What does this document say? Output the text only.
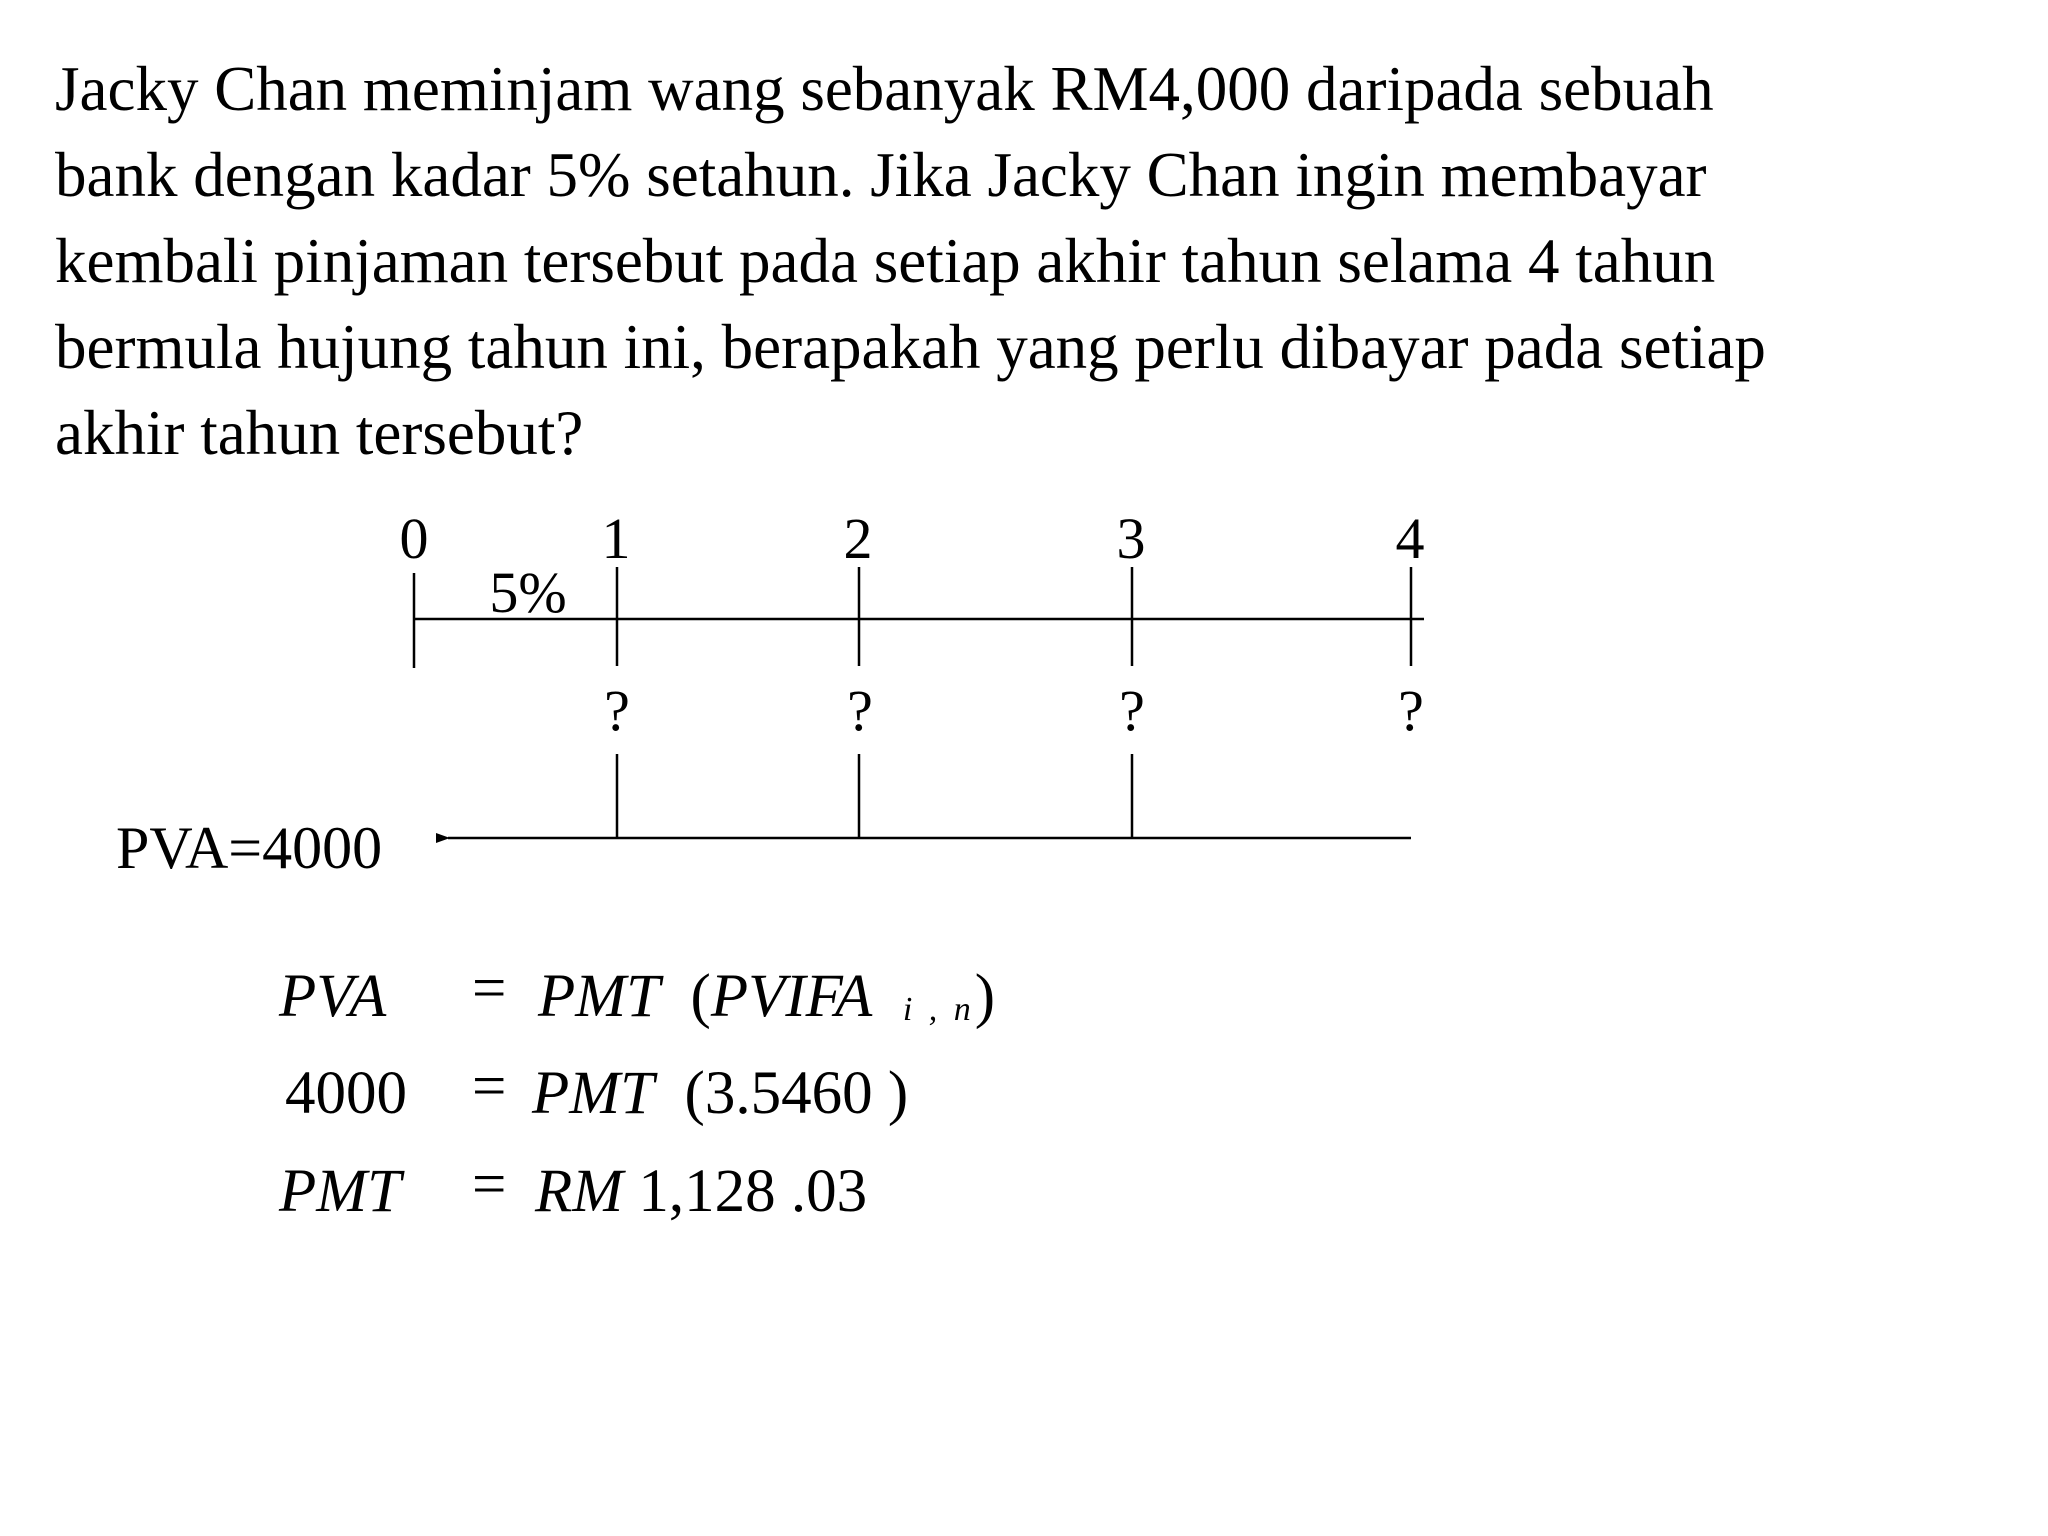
Jacky Chan meminjam wang sebanyak RM4,000 daripada sebuah
bank dengan kadar 5% setahun. Jika Jacky Chan ingin membayar
kembali pinjaman tersebut pada setiap akhir tahun selama 4 tahun
bermula hujung tahun ini, berapakah yang perlu dibayar pada setiap
akhir tahun tersebut?
0	1	2	3	4
5%
?	?	?	?
PVA=4000
PVA = PMT (PVIFA i , n)
4000 = PMT (3.5460 )
PMT = RM 1,128 .03
